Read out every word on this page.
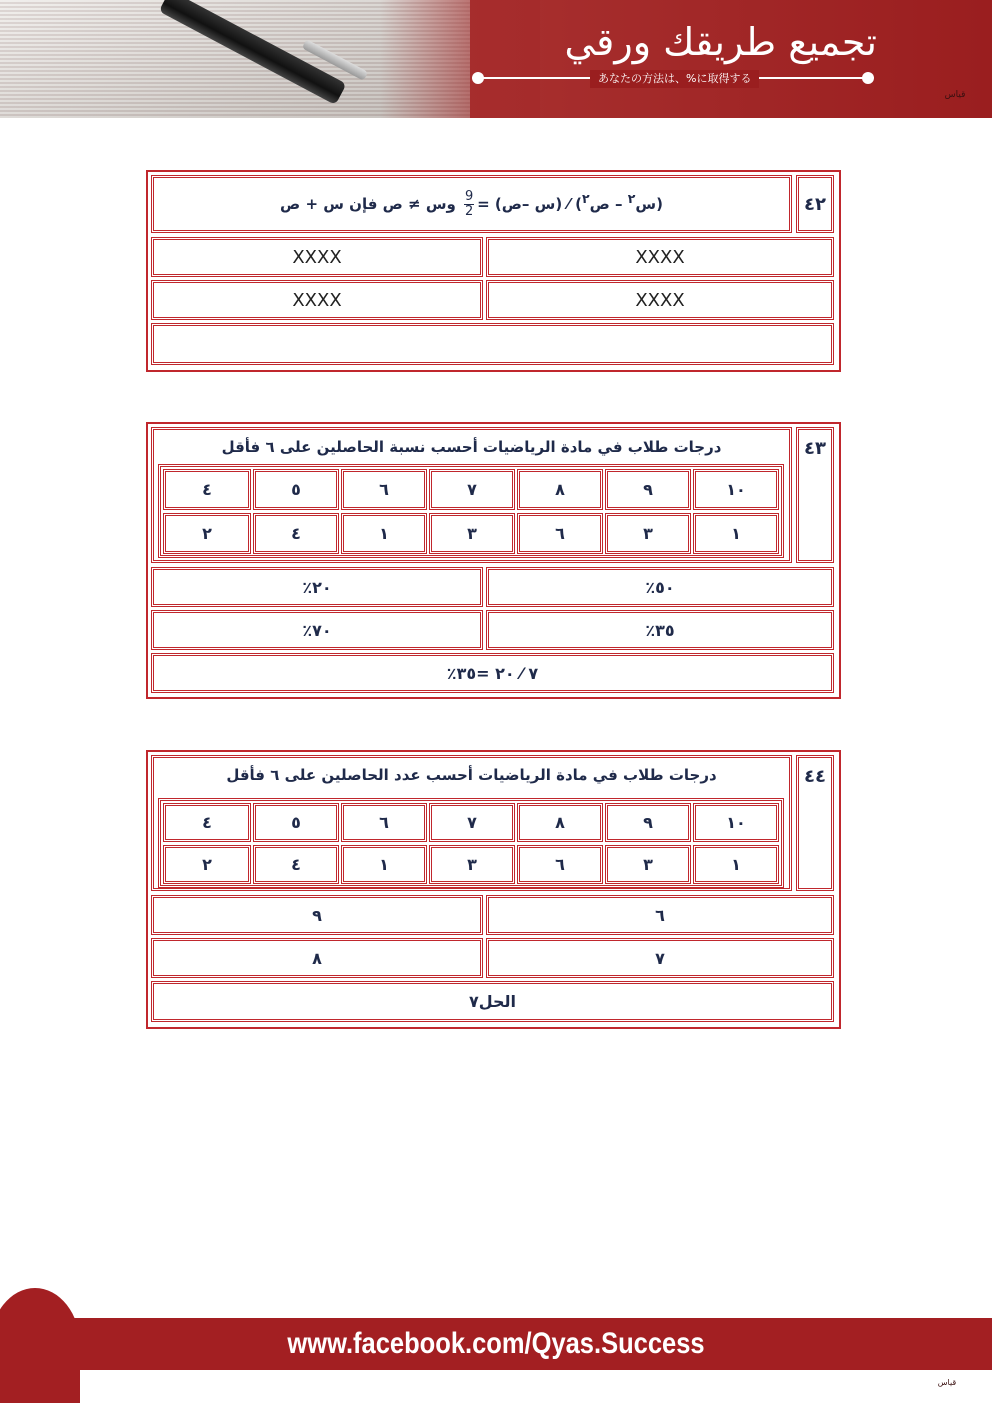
تجميع طريقك ورقي
あなたの方法は、%に取得する
قياس
(س$^٢$ – ص$^٢$) ⁄ (س –ص) =
$\frac{9}{2}$
وس ≠ ص فإن س + ص	٤٢
XXXX
XXXX
XXXX
XXXX
درجات طلاب في مادة الرياضيات أحسب نسبة الحاصلين على ٦ فأقل
١٠
٩
٨
٧
٦
٥
٤
١
٣
٦
٣
١
٤
٢
٤٣
٪٥٠
٪٢٠
٪٣٥
٪٧٠
٧ ⁄ ٢٠ =٣٥٪
درجات طلاب في مادة الرياضيات أحسب عدد الحاصلين على ٦ فأقل
١٠
٩
٨
٧
٦
٥
٤
١
٣
٦
٣
١
٤
٢
٤٤
٦
٩
٧
٨
الحل٧
www.facebook.com/Qyas.Success
قياس
